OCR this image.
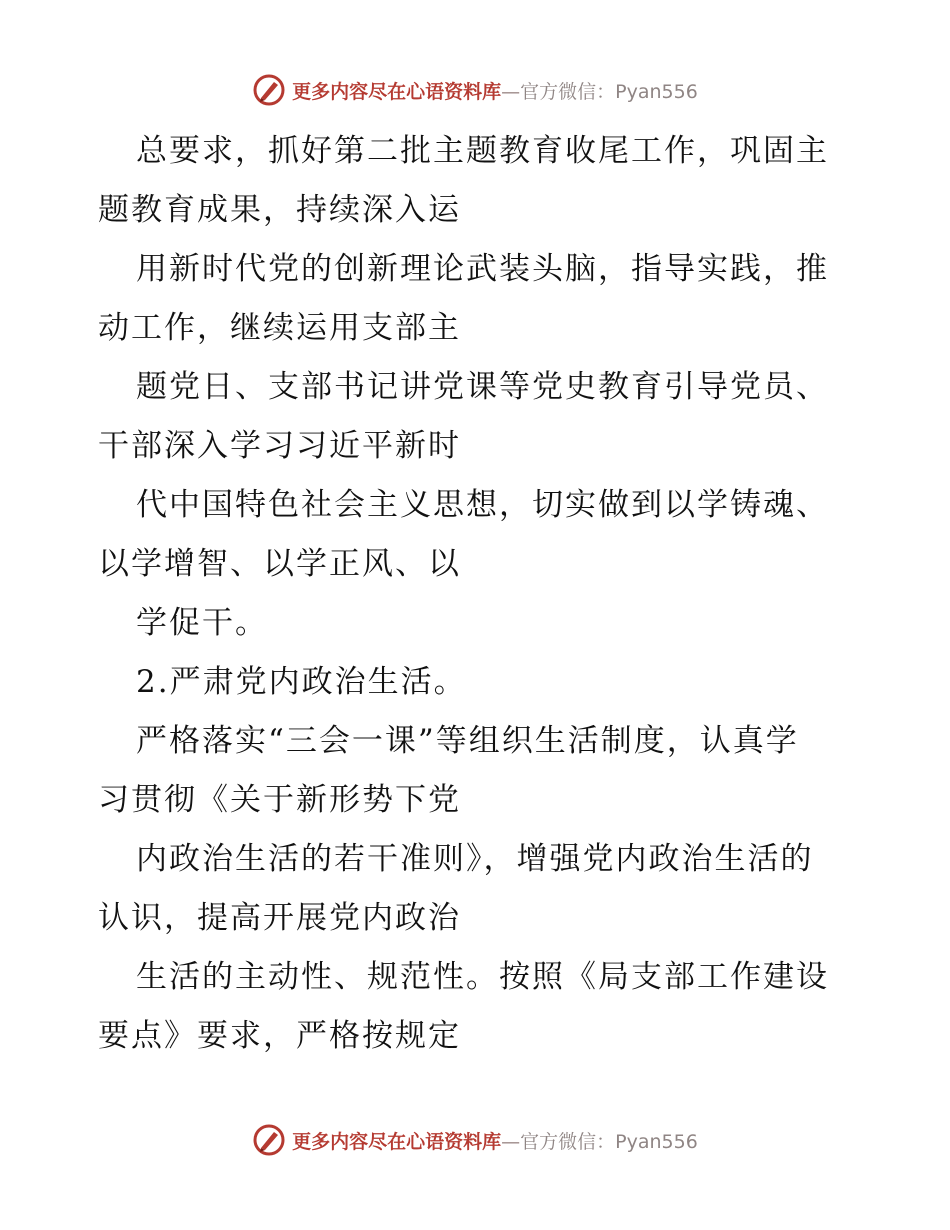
更多内容尽在心语资料库—官方微信：Pyan556
总要求，抓好第二批主题教育收尾工作，巩固主
题教育成果，持续深入运
用新时代党的创新理论武装头脑，指导实践，推
动工作，继续运用支部主
题党日、支部书记讲党课等党史教育引导党员、
干部深入学习习近平新时
代中国特色社会主义思想，切实做到以学铸魂、
以学增智、以学正风、以
学促干。
2.严肃党内政治生活。
严格落实“三会一课”等组织生活制度，认真学
习贯彻《关于新形势下党
内政治生活的若干准则》，增强党内政治生活的
认识，提高开展党内政治
生活的主动性、规范性。按照《局支部工作建设
要点》要求，严格按规定
更多内容尽在心语资料库—官方微信：Pyan556
